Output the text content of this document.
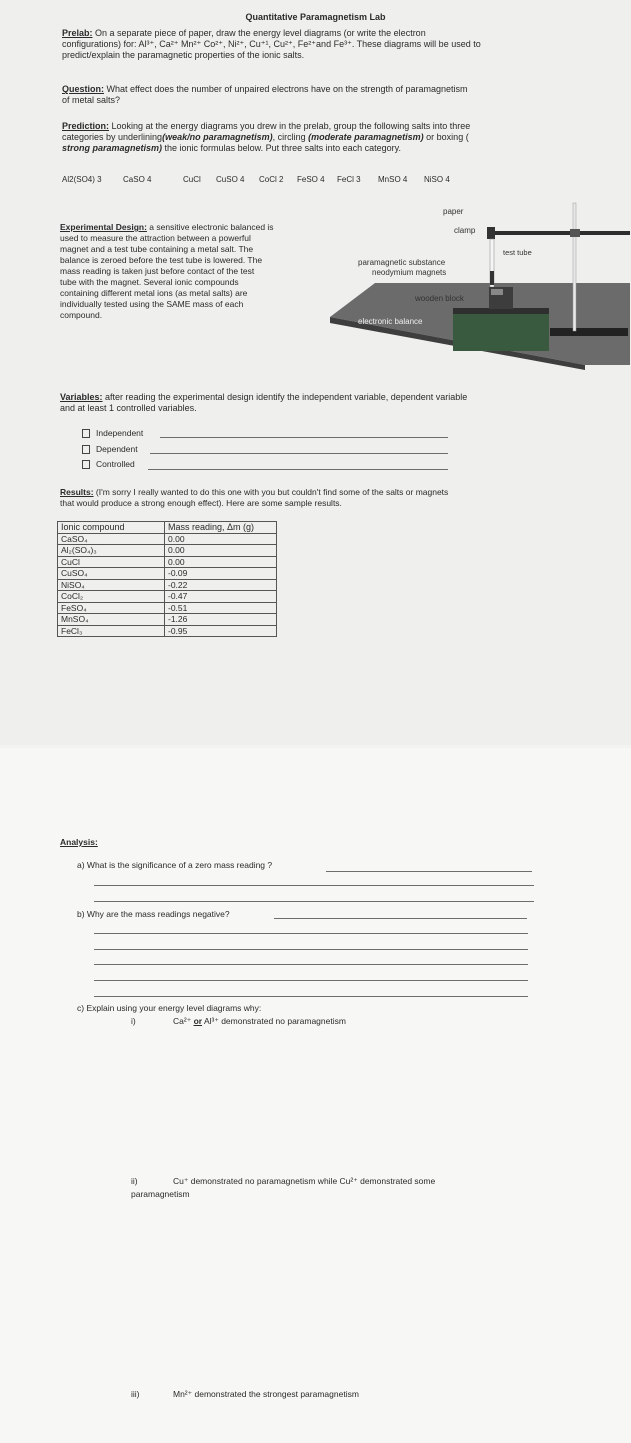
Quantitative Paramagnetism Lab
Prelab: On a separate piece of paper, draw the energy level diagrams (or write the electron
configurations) for: Al³⁺, Ca²⁺ Mn²⁺ Co²⁺, Ni²⁺, Cu⁺¹, Cu²⁺, Fe²⁺and Fe³⁺. These diagrams will be used to
predict/explain the paramagnetic properties of the ionic salts.
Question: What effect does the number of unpaired electrons have on the strength of paramagnetism
of metal salts?
Prediction: Looking at the energy diagrams you drew in the prelab, group the following salts into three
categories by underlining(weak/no paramagnetism), circling (moderate paramagnetism) or boxing (
strong paramagnetism) the ionic formulas below. Put three salts into each category.
Al2(SO4) 3	CaSO 4	CuCl CuSO 4 CoCl 2 FeSO 4 FeCl 3 MnSO 4 NiSO 4
Experimental Design: a sensitive electronic balanced is
used to measure the attraction between a powerful
magnet and a test tube containing a metal salt. The
balance is zeroed before the test tube is lowered. The
mass reading is taken just before contact of the test
tube with the magnet. Several ionic compounds
containing different metal ions (as metal salts) are
individually tested using the SAME mass of each
compound.
paper
clamp
test tube
paramagnetic substance
neodymium magnets
wooden block
electronic balance
Variables: after reading the experimental design identify the independent variable, dependent variable
and at least 1 controlled variables.
Independent
Dependent
Controlled
Results: (I'm sorry I really wanted to do this one with you but couldn't find some of the salts or magnets
that would produce a strong enough effect). Here are some sample results.
Ionic compound	Mass reading, Δm (g)
CaSO₄	0.00
Al₂(SO₄)₃	0.00
CuCl	0.00
CuSO₄	-0.09
NiSO₄	-0.22
CoCl₂	-0.47
FeSO₄	-0.51
MnSO₄	-1.26
FeCl₃	-0.95
Analysis:
a) What is the significance of a zero mass reading ?
b) Why are the mass readings negative?
c) Explain using your energy level diagrams why:
i)	Ca²⁺ or Al³⁺ demonstrated no paramagnetism
ii)	Cu⁺ demonstrated no paramagnetism while Cu²⁺ demonstrated some
paramagnetism
iii)	Mn²⁺ demonstrated the strongest paramagnetism
